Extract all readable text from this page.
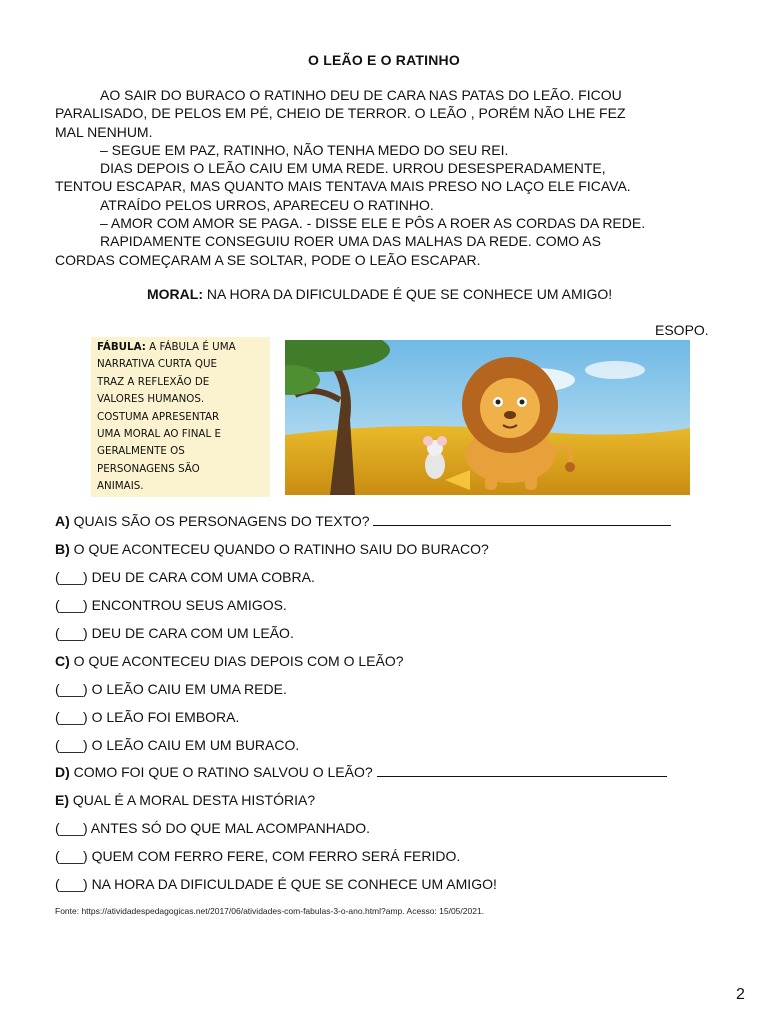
O LEÃO E O RATINHO

AO SAIR DO BURACO O RATINHO DEU DE CARA NAS PATAS DO LEÃO. FICOU

PARALISADO, DE PELOS EM PÉ, CHEIO DE TERROR. O LEÃO , PORÉM NÃO LHE FEZ

MAL NENHUM.

– SEGUE EM PAZ, RATINHO, NÃO TENHA MEDO DO SEU REI.

DIAS DEPOIS O LEÃO CAIU EM UMA REDE. URROU DESESPERADAMENTE,

TENTOU ESCAPAR, MAS QUANTO MAIS TENTAVA MAIS PRESO NO LAÇO ELE FICAVA.

ATRAÍDO PELOS URROS, APARECEU O RATINHO.

– AMOR COM AMOR SE PAGA. - DISSE ELE E PÔS A ROER AS CORDAS DA REDE.

RAPIDAMENTE CONSEGUIU ROER UMA DAS MALHAS DA REDE. COMO AS

CORDAS COMEÇARAM A SE SOLTAR, PODE O LEÃO ESCAPAR.

MORAL: NA HORA DA DIFICULDADE É QUE SE CONHECE UM AMIGO!
ESOPO.
FÁBULA: A FÁBULA É UMA
NARRATIVA CURTA QUE
TRAZ A REFLEXÃO DE
VALORES HUMANOS.
COSTUMA APRESENTAR
UMA MORAL AO FINAL E
GERALMENTE OS
PERSONAGENS SÃO
ANIMAIS.
A) QUAIS SÃO OS PERSONAGENS DO TEXTO?
B) O QUE ACONTECEU QUANDO O RATINHO SAIU DO BURACO?
(___) DEU DE CARA COM UMA COBRA.
(___) ENCONTROU SEUS AMIGOS.
(___) DEU DE CARA COM UM LEÃO.
C) O QUE ACONTECEU DIAS DEPOIS COM O LEÃO?
(___) O LEÃO CAIU EM UMA REDE.
(___) O LEÃO FOI EMBORA.
(___) O LEÃO CAIU EM UM BURACO.
D) COMO FOI QUE O RATINO SALVOU O LEÃO?
E) QUAL É A MORAL DESTA HISTÓRIA?
(___) ANTES SÓ DO QUE MAL ACOMPANHADO.
(___) QUEM COM FERRO FERE, COM FERRO SERÁ FERIDO.
(___) NA HORA DA DIFICULDADE É QUE SE CONHECE UM AMIGO!
Fonte: https://atividadespedagogicas.net/2017/06/atividades-com-fabulas-3-o-ano.html?amp. Acesso: 15/05/2021.
2
